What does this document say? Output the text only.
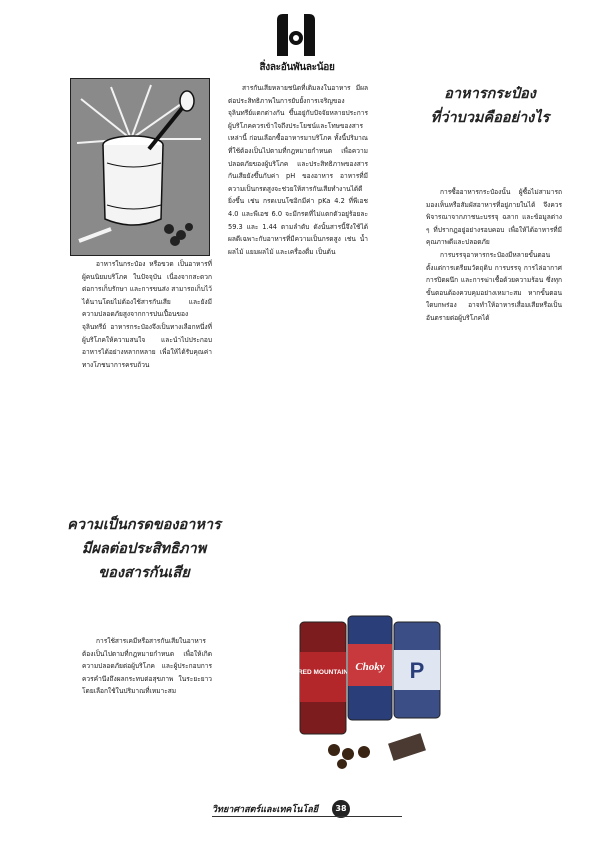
สิ่งละอันพันละน้อย

อาหารในกระป๋อง หรือขวด เป็นอาหารที่ผู้คนนิยมบริโภค ในปัจจุบัน เนื่องจากสะดวกต่อการเก็บรักษา และการขนส่ง สามารถเก็บไว้ได้นานโดยไม่ต้องใช้สารกันเสีย และยังมีความปลอดภัยสูงจากการปนเปื้อนของจุลินทรีย์ อาหารกระป๋องจึงเป็นทางเลือกหนึ่งที่ผู้บริโภคให้ความสนใจ และนำไปประกอบอาหารได้อย่างหลากหลาย เพื่อให้ได้รับคุณค่าทางโภชนาการครบถ้วน

ความเป็นกรดของอาหาร
มีผลต่อประสิทธิภาพ
ของสารกันเสีย

การใช้สารเคมีหรือสารกันเสียในอาหารต้องเป็นไปตามที่กฎหมายกำหนด เพื่อให้เกิดความปลอดภัยต่อผู้บริโภค และผู้ประกอบการควรคำนึงถึงผลกระทบต่อสุขภาพ ในระยะยาว โดยเลือกใช้ในปริมาณที่เหมาะสม

สารกันเสียหลายชนิดที่เติมลงในอาหาร มีผลต่อประสิทธิภาพในการยับยั้งการเจริญของจุลินทรีย์แตกต่างกัน ขึ้นอยู่กับปัจจัยหลายประการ ผู้บริโภคควรเข้าใจถึงประโยชน์และโทษของสารเหล่านี้ ก่อนเลือกซื้ออาหารมาบริโภค ทั้งนี้ปริมาณที่ใช้ต้องเป็นไปตามที่กฎหมายกำหนด เพื่อความปลอดภัยของผู้บริโภค และประสิทธิภาพของสารกันเสียยังขึ้นกับค่า pH ของอาหาร อาหารที่มีความเป็นกรดสูงจะช่วยให้สารกันเสียทำงานได้ดียิ่งขึ้น เช่น กรดเบนโซอิกมีค่า pKa 4.2 ที่พีเอช 4.0 และพีเอช 6.0 จะมีกรดที่ไม่แตกตัวอยู่ร้อยละ 59.3 และ 1.44 ตามลำดับ ดังนั้นสารนี้จึงใช้ได้ผลดีเฉพาะกับอาหารที่มีความเป็นกรดสูง เช่น น้ำผลไม้ แยมผลไม้ และเครื่องดื่ม เป็นต้น

อาหารกระป๋อง
ที่ว่าบวมคืออย่างไร

การซื้ออาหารกระป๋องนั้น ผู้ซื้อไม่สามารถมองเห็นหรือสัมผัสอาหารที่อยู่ภายในได้ จึงควรพิจารณาจากภาชนะบรรจุ ฉลาก และข้อมูลต่าง ๆ ที่ปรากฏอยู่อย่างรอบคอบ เพื่อให้ได้อาหารที่มีคุณภาพดีและปลอดภัย

การบรรจุอาหารกระป๋องมีหลายขั้นตอน ตั้งแต่การเตรียมวัตถุดิบ การบรรจุ การไล่อากาศ การปิดผนึก และการฆ่าเชื้อด้วยความร้อน ซึ่งทุกขั้นตอนต้องควบคุมอย่างเหมาะสม หากขั้นตอนใดบกพร่อง อาจทำให้อาหารเสื่อมเสียหรือเป็นอันตรายต่อผู้บริโภคได้

RED MOUNTAIN Choky P
วิทยาศาสตร์และเทคโนโลยี	38
